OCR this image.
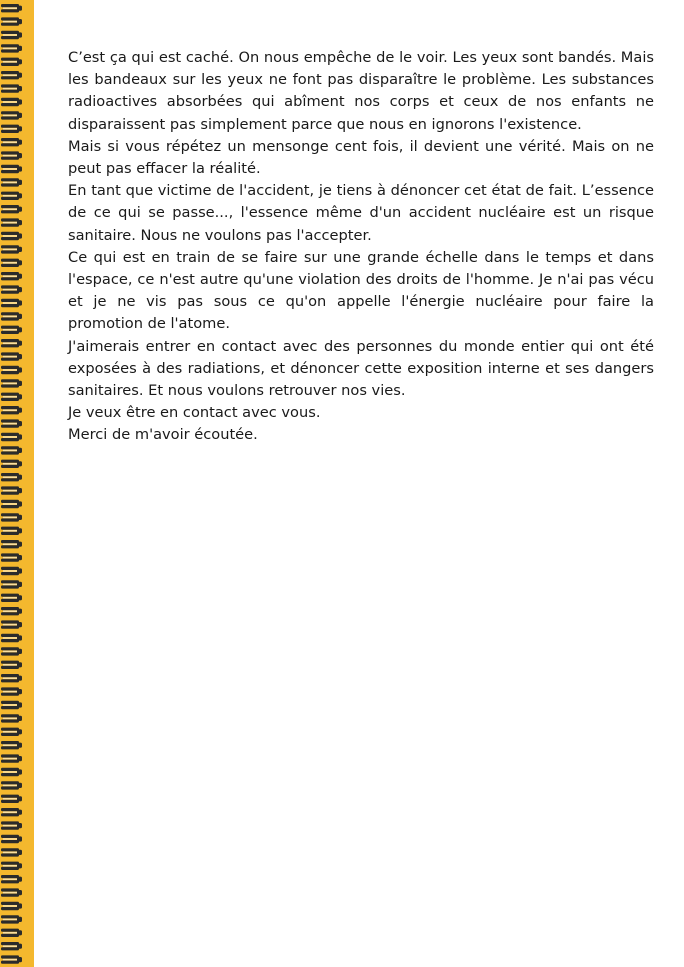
C’est ça qui est caché. On nous empêche de le voir. Les yeux sont bandés. Mais les bandeaux sur les yeux ne font pas disparaître le problème. Les substances radioactives absorbées qui abîment nos corps et ceux de nos enfants ne disparaissent pas simplement parce que nous en ignorons l'existence.

Mais si vous répétez un mensonge cent fois, il devient une vérité. Mais on ne peut pas effacer la réalité.

En tant que victime de l'accident, je tiens à dénoncer cet état de fait. L’essence de ce qui se passe..., l'essence même d'un accident nucléaire est un risque sanitaire. Nous ne voulons pas l'accepter.

Ce qui est en train de se faire sur une grande échelle dans le temps et dans l'espace, ce n'est autre qu'une violation des droits de l'homme. Je n'ai pas vécu et je ne vis pas sous ce qu'on appelle l'énergie nucléaire pour faire la promotion de l'atome.

J'aimerais entrer en contact avec des personnes du monde entier qui ont été exposées à des radiations, et dénoncer cette exposition interne et ses dangers sanitaires. Et nous voulons retrouver nos vies.

Je veux être en contact avec vous.

Merci de m'avoir écoutée.
